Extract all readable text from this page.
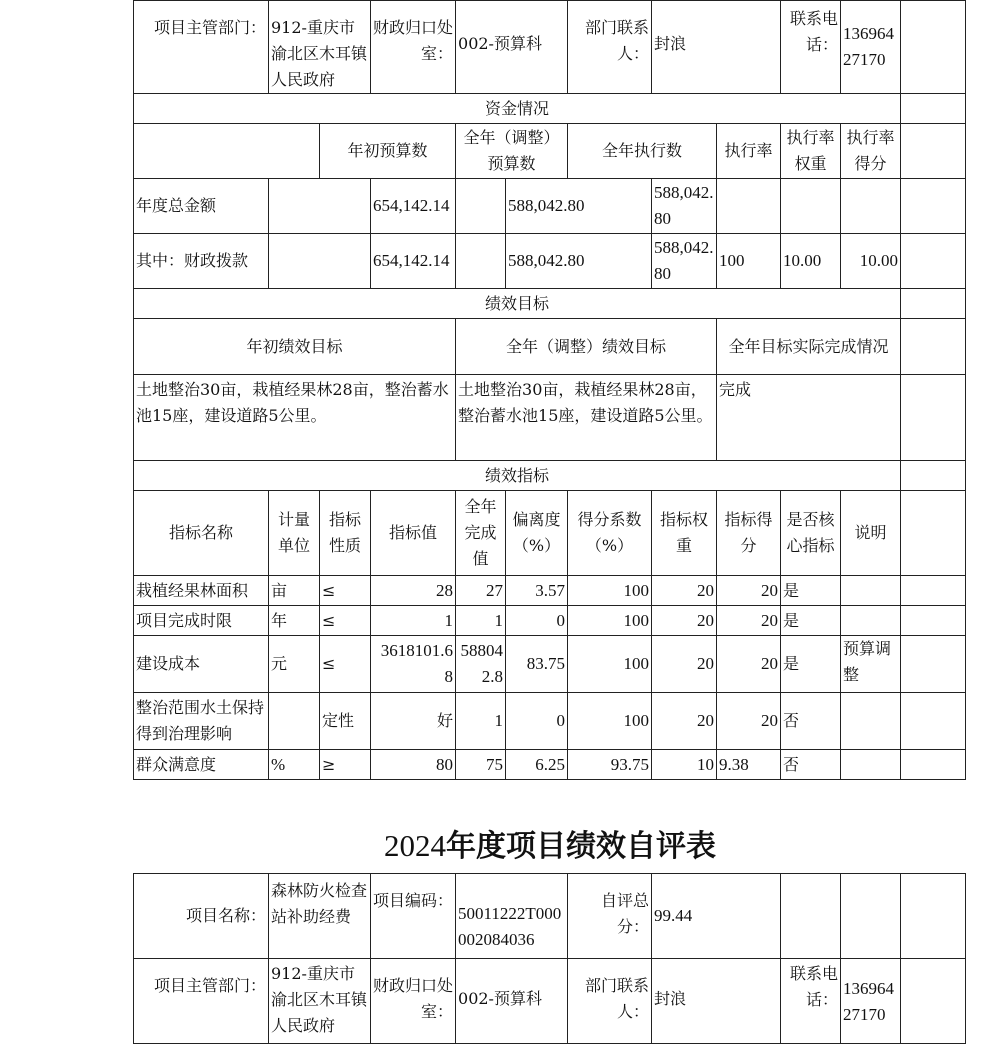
项目主管部门：	912-重庆市渝北区木耳镇人民政府		财政归口处室：	002-预算科		部门联系人：	封浪		联系电话：	13696427170	
资金情况											
		年初预算数		全年（调整）预算数		全年执行数		执行率	执行率权重	执行率得分	
年度总金额			654,142.14		588,042.80		588,042.80				
其中：财政拨款			654,142.14		588,042.80		588,042.80	100	10.00	10.00	
绩效目标											
年初绩效目标				全年（调整）绩效目标				全年目标实际完成情况			
土地整治30亩，栽植经果林28亩，整治蓄水池15座，建设道路5公里。				土地整治30亩，栽植经果林28亩，整治蓄水池15座，建设道路5公里。				完成			
绩效指标											
指标名称	计量单位	指标性质	指标值	全年完成值	偏离度（%）	得分系数（%）	指标权重	指标得分	是否核心指标	说明	
栽植经果林面积	亩	≤	28	27	3.57	100	20	20	是		
项目完成时限	年	≤	1	1	0	100	20	20	是		
建设成本	元	≤	3618101.68	588042.8	83.75	100	20	20	是	预算调整	
整治范围水土保持得到治理影响		定性	好	1	0	100	20	20	否		
群众满意度	%	≥	80	75	6.25	93.75	10	9.38	否		
2024年度项目绩效自评表
项目名称：	森林防火检查站补助经费	项目编码：	50011222T000002084036	自评总分：	99.44			
项目主管部门：	912-重庆市渝北区木耳镇人民政府	财政归口处室：	002-预算科	部门联系人：	封浪	联系电话：	13696427170	
